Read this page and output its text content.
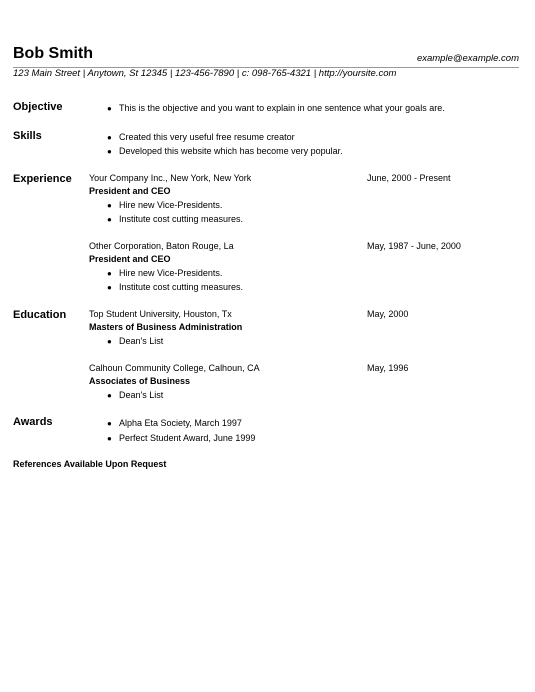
Bob Smith	example@example.com
123 Main Street | Anytown, St 12345 | 123-456-7890 | c: 098-765-4321 | http://yoursite.com
Objective	● This is the objective and you want to explain in one sentence what your goals are.
Skills	● Created this very useful free resume creator
● Developed this website which has become very popular.
Experience Your Company Inc., New York, New York	June, 2000 - Present
President and CEO
● Hire new Vice-Presidents.
● Institute cost cutting measures.
Other Corporation, Baton Rouge, La	May, 1987 - June, 2000
President and CEO
● Hire new Vice-Presidents.
● Institute cost cutting measures.
Education	Top Student University, Houston, Tx	May, 2000
Masters of Business Administration
● Dean's List
Calhoun Community College, Calhoun, CA	May, 1996
Associates of Business
● Dean's List
Awards	● Alpha Eta Society, March 1997
● Perfect Student Award, June 1999
References Available Upon Request
